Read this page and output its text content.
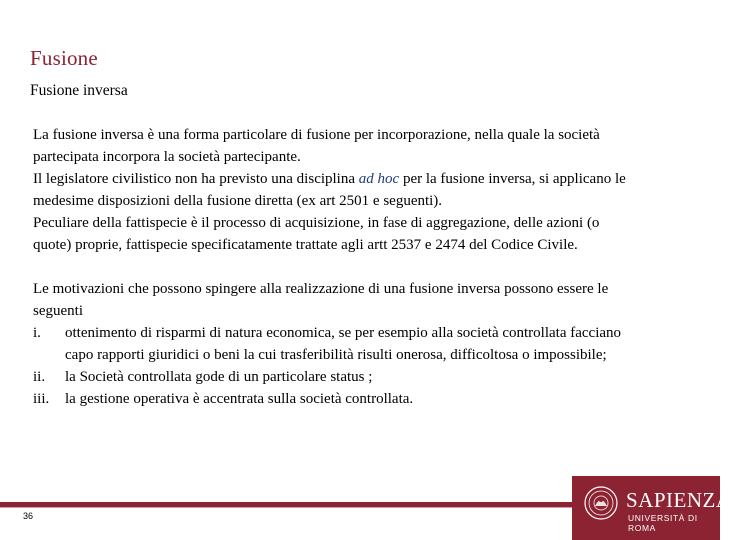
Fusione
Fusione inversa

La fusione inversa è una forma particolare di fusione per incorporazione, nella quale la società partecipata incorpora la società partecipante.

Il legislatore civilistico non ha previsto una disciplina ad hoc per la fusione inversa, si applicano le medesime disposizioni della fusione diretta (ex art 2501 e seguenti).

Peculiare della fattispecie è il processo di acquisizione, in fase di aggregazione, delle azioni (o quote) proprie, fattispecie specificatamente trattate agli artt 2537 e 2474 del Codice Civile.

Le motivazioni che possono spingere alla realizzazione di una fusione inversa possono essere le seguenti

i.	ottenimento di risparmi di natura economica, se per esempio alla società controllata facciano capo rapporti giuridici o beni la cui trasferibilità risulti onerosa, difficoltosa o impossibile;
ii.	la Società controllata gode di un particolare status ;
iii.	la gestione operativa è accentrata sulla società controllata.
36
SAPIENZA
UNIVERSITÀ DI ROMA
